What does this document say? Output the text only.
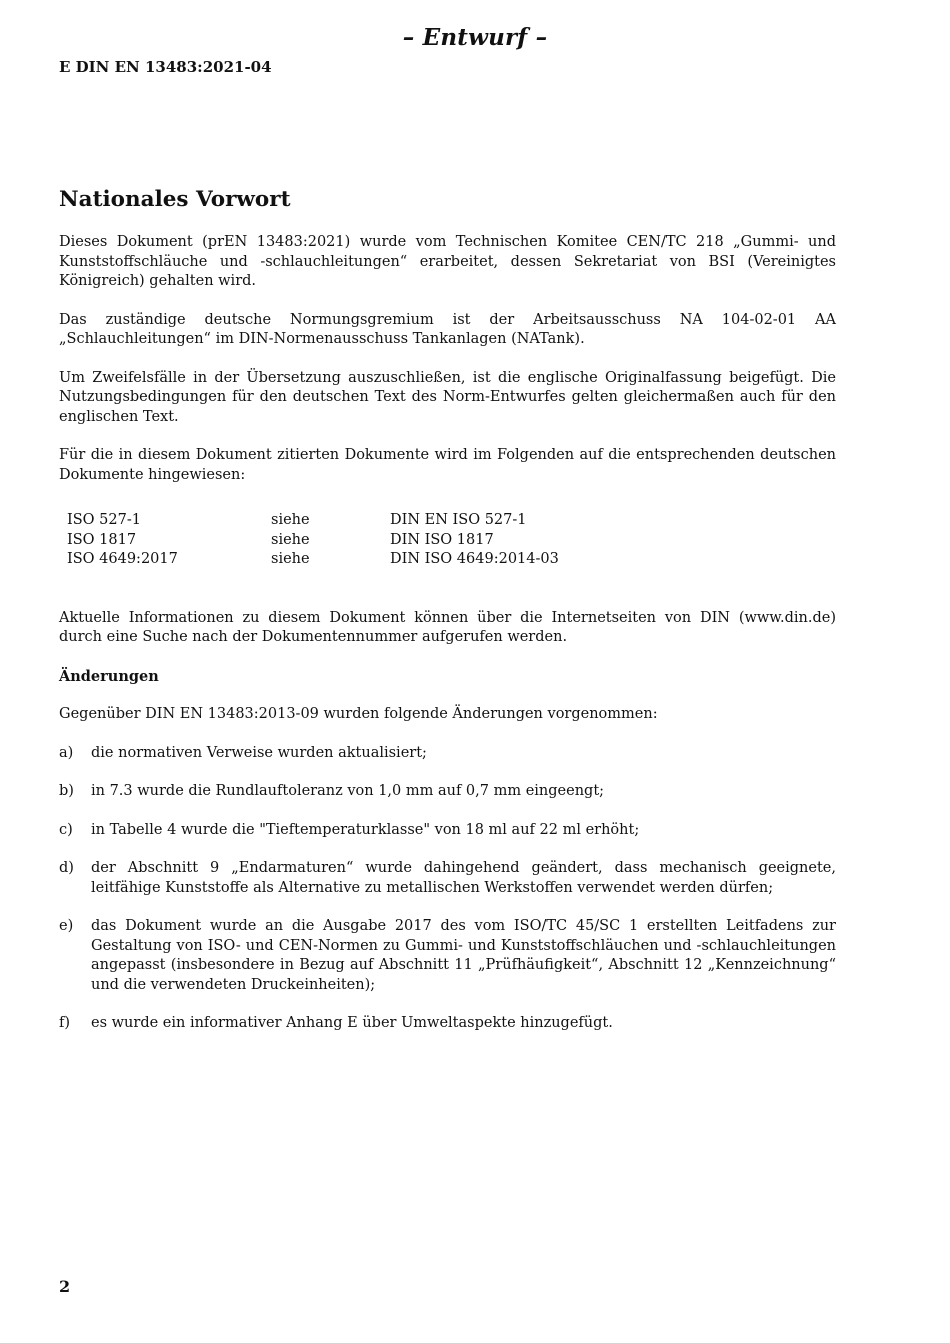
– Entwurf –
E DIN EN 13483:2021-04
Nationales Vorwort

Dieses Dokument (prEN 13483:2021) wurde vom Technischen Komitee CEN/TC 218 „Gummi- und Kunststoffschläuche und -schlauchleitungen“ erarbeitet, dessen Sekretariat von BSI (Vereinigtes Königreich) gehalten wird.

Das zuständige deutsche Normungsgremium ist der Arbeitsausschuss NA 104-02-01 AA „Schlauchleitungen“ im DIN-Normenausschuss Tankanlagen (NATank).

Um Zweifelsfälle in der Übersetzung auszuschließen, ist die englische Originalfassung beigefügt. Die Nutzungsbedingungen für den deutschen Text des Norm-Entwurfes gelten gleichermaßen auch für den englischen Text.

Für die in diesem Dokument zitierten Dokumente wird im Folgenden auf die entsprechenden deutschen Dokumente hingewiesen:

ISO 527-1	siehe	DIN EN ISO 527-1
ISO 1817	siehe	DIN ISO 1817
ISO 4649:2017	siehe	DIN ISO 4649:2014-03

Aktuelle Informationen zu diesem Dokument können über die Internetseiten von DIN (www.din.de) durch eine Suche nach der Dokumentennummer aufgerufen werden.

Änderungen

Gegenüber DIN EN 13483:2013-09 wurden folgende Änderungen vorgenommen:

a)	die normativen Verweise wurden aktualisiert;
b)	in 7.3 wurde die Rundlauftoleranz von 1,0 mm auf 0,7 mm eingeengt;
c)	in Tabelle 4 wurde die "Tieftemperaturklasse" von 18 ml auf 22 ml erhöht;
d)	der Abschnitt 9 „Endarmaturen“ wurde dahingehend geändert, dass mechanisch geeignete, leitfähige Kunststoffe als Alternative zu metallischen Werkstoffen verwendet werden dürfen;
e)	das Dokument wurde an die Ausgabe 2017 des vom ISO/TC 45/SC 1 erstellten Leitfadens zur Gestaltung von ISO- und CEN-Normen zu Gummi- und Kunststoffschläuchen und -schlauchleitungen angepasst (insbesondere in Bezug auf Abschnitt 11 „Prüfhäufigkeit“, Abschnitt 12 „Kennzeichnung“ und die verwendeten Druckeinheiten);
f)	es wurde ein informativer Anhang E über Umweltaspekte hinzugefügt.
2
